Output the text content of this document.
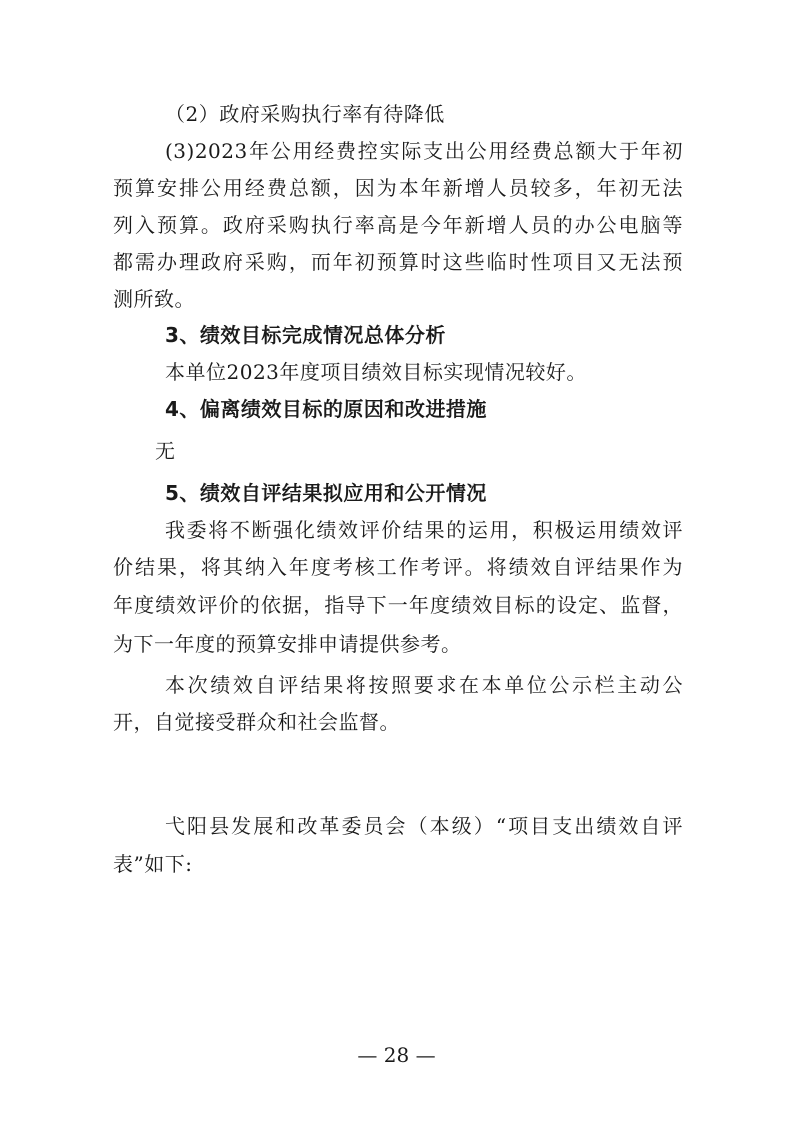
（2）政府采购执行率有待降低
(3)2023年公用经费控实际支出公用经费总额大于年初
预算安排公用经费总额，因为本年新增人员较多，年初无法
列入预算。政府采购执行率高是今年新增人员的办公电脑等
都需办理政府采购，而年初预算时这些临时性项目又无法预
测所致。
3、绩效目标完成情况总体分析
本单位2023年度项目绩效目标实现情况较好。
4、偏离绩效目标的原因和改进措施
无
5、绩效自评结果拟应用和公开情况
我委将不断强化绩效评价结果的运用，积极运用绩效评
价结果，将其纳入年度考核工作考评。将绩效自评结果作为
年度绩效评价的依据，指导下一年度绩效目标的设定、监督，
为下一年度的预算安排申请提供参考。
本次绩效自评结果将按照要求在本单位公示栏主动公
开，自觉接受群众和社会监督。
弋阳县发展和改革委员会（本级）“项目支出绩效自评
表”如下:
— 28 —
